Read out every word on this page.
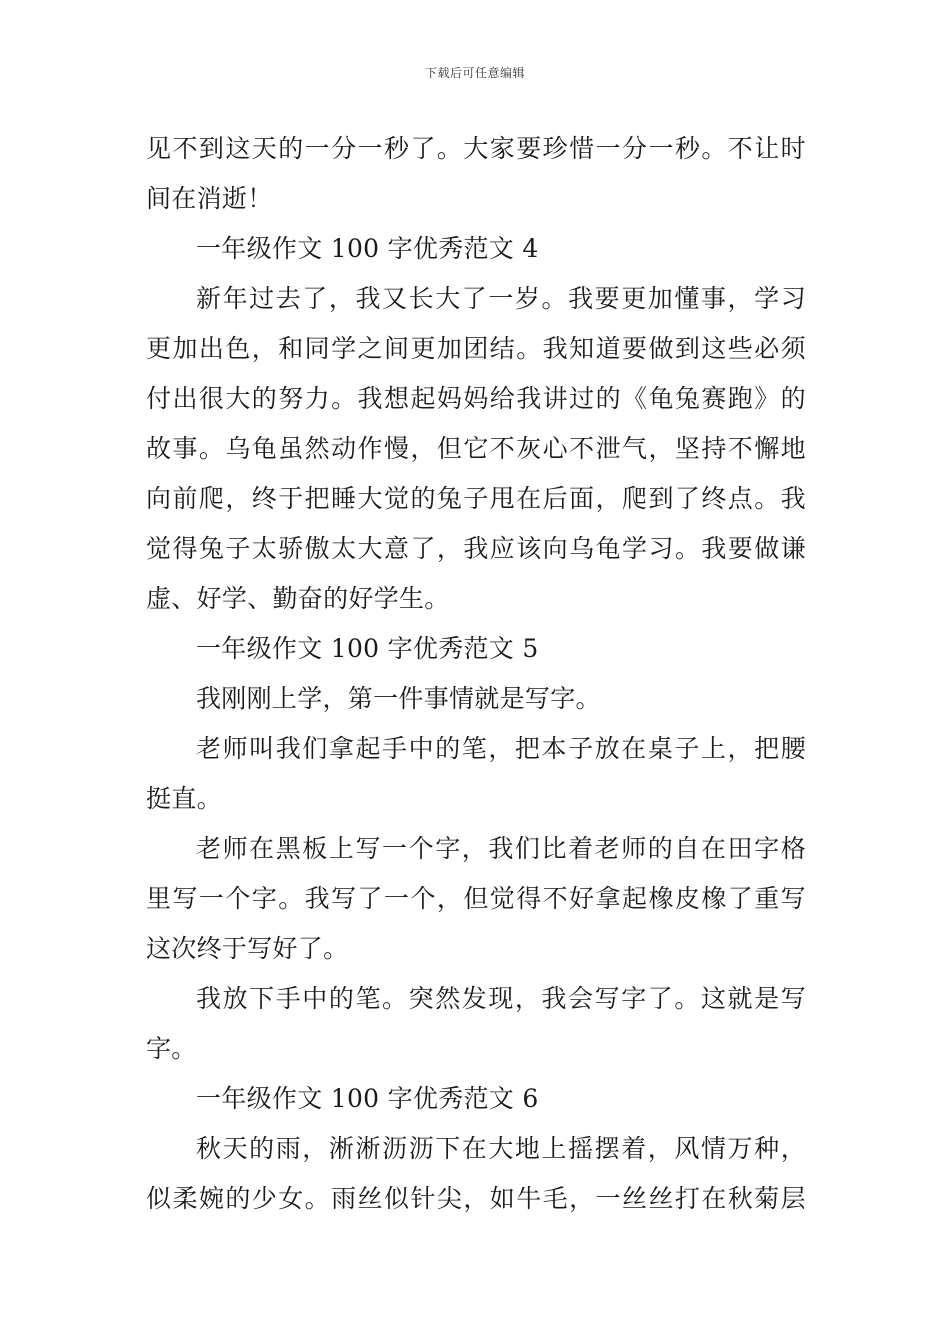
下载后可任意编辑
见不到这天的一分一秒了。大家要珍惜一分一秒。不让时
间在消逝！
一年级作文 100 字优秀范文 4
新年过去了，我又长大了一岁。我要更加懂事，学习
更加出色，和同学之间更加团结。我知道要做到这些必须
付出很大的努力。我想起妈妈给我讲过的《龟兔赛跑》的
故事。乌龟虽然动作慢，但它不灰心不泄气，坚持不懈地
向前爬，终于把睡大觉的兔子甩在后面，爬到了终点。我
觉得兔子太骄傲太大意了，我应该向乌龟学习。我要做谦
虚、好学、勤奋的好学生。
一年级作文 100 字优秀范文 5
我刚刚上学，第一件事情就是写字。
老师叫我们拿起手中的笔，把本子放在桌子上，把腰
挺直。
老师在黑板上写一个字，我们比着老师的自在田字格
里写一个字。我写了一个，但觉得不好拿起橡皮橡了重写
这次终于写好了。
我放下手中的笔。突然发现，我会写字了。这就是写
字。
一年级作文 100 字优秀范文 6
秋天的雨，淅淅沥沥下在大地上摇摆着，风情万种，
似柔婉的少女。雨丝似针尖，如牛毛，一丝丝打在秋菊层
